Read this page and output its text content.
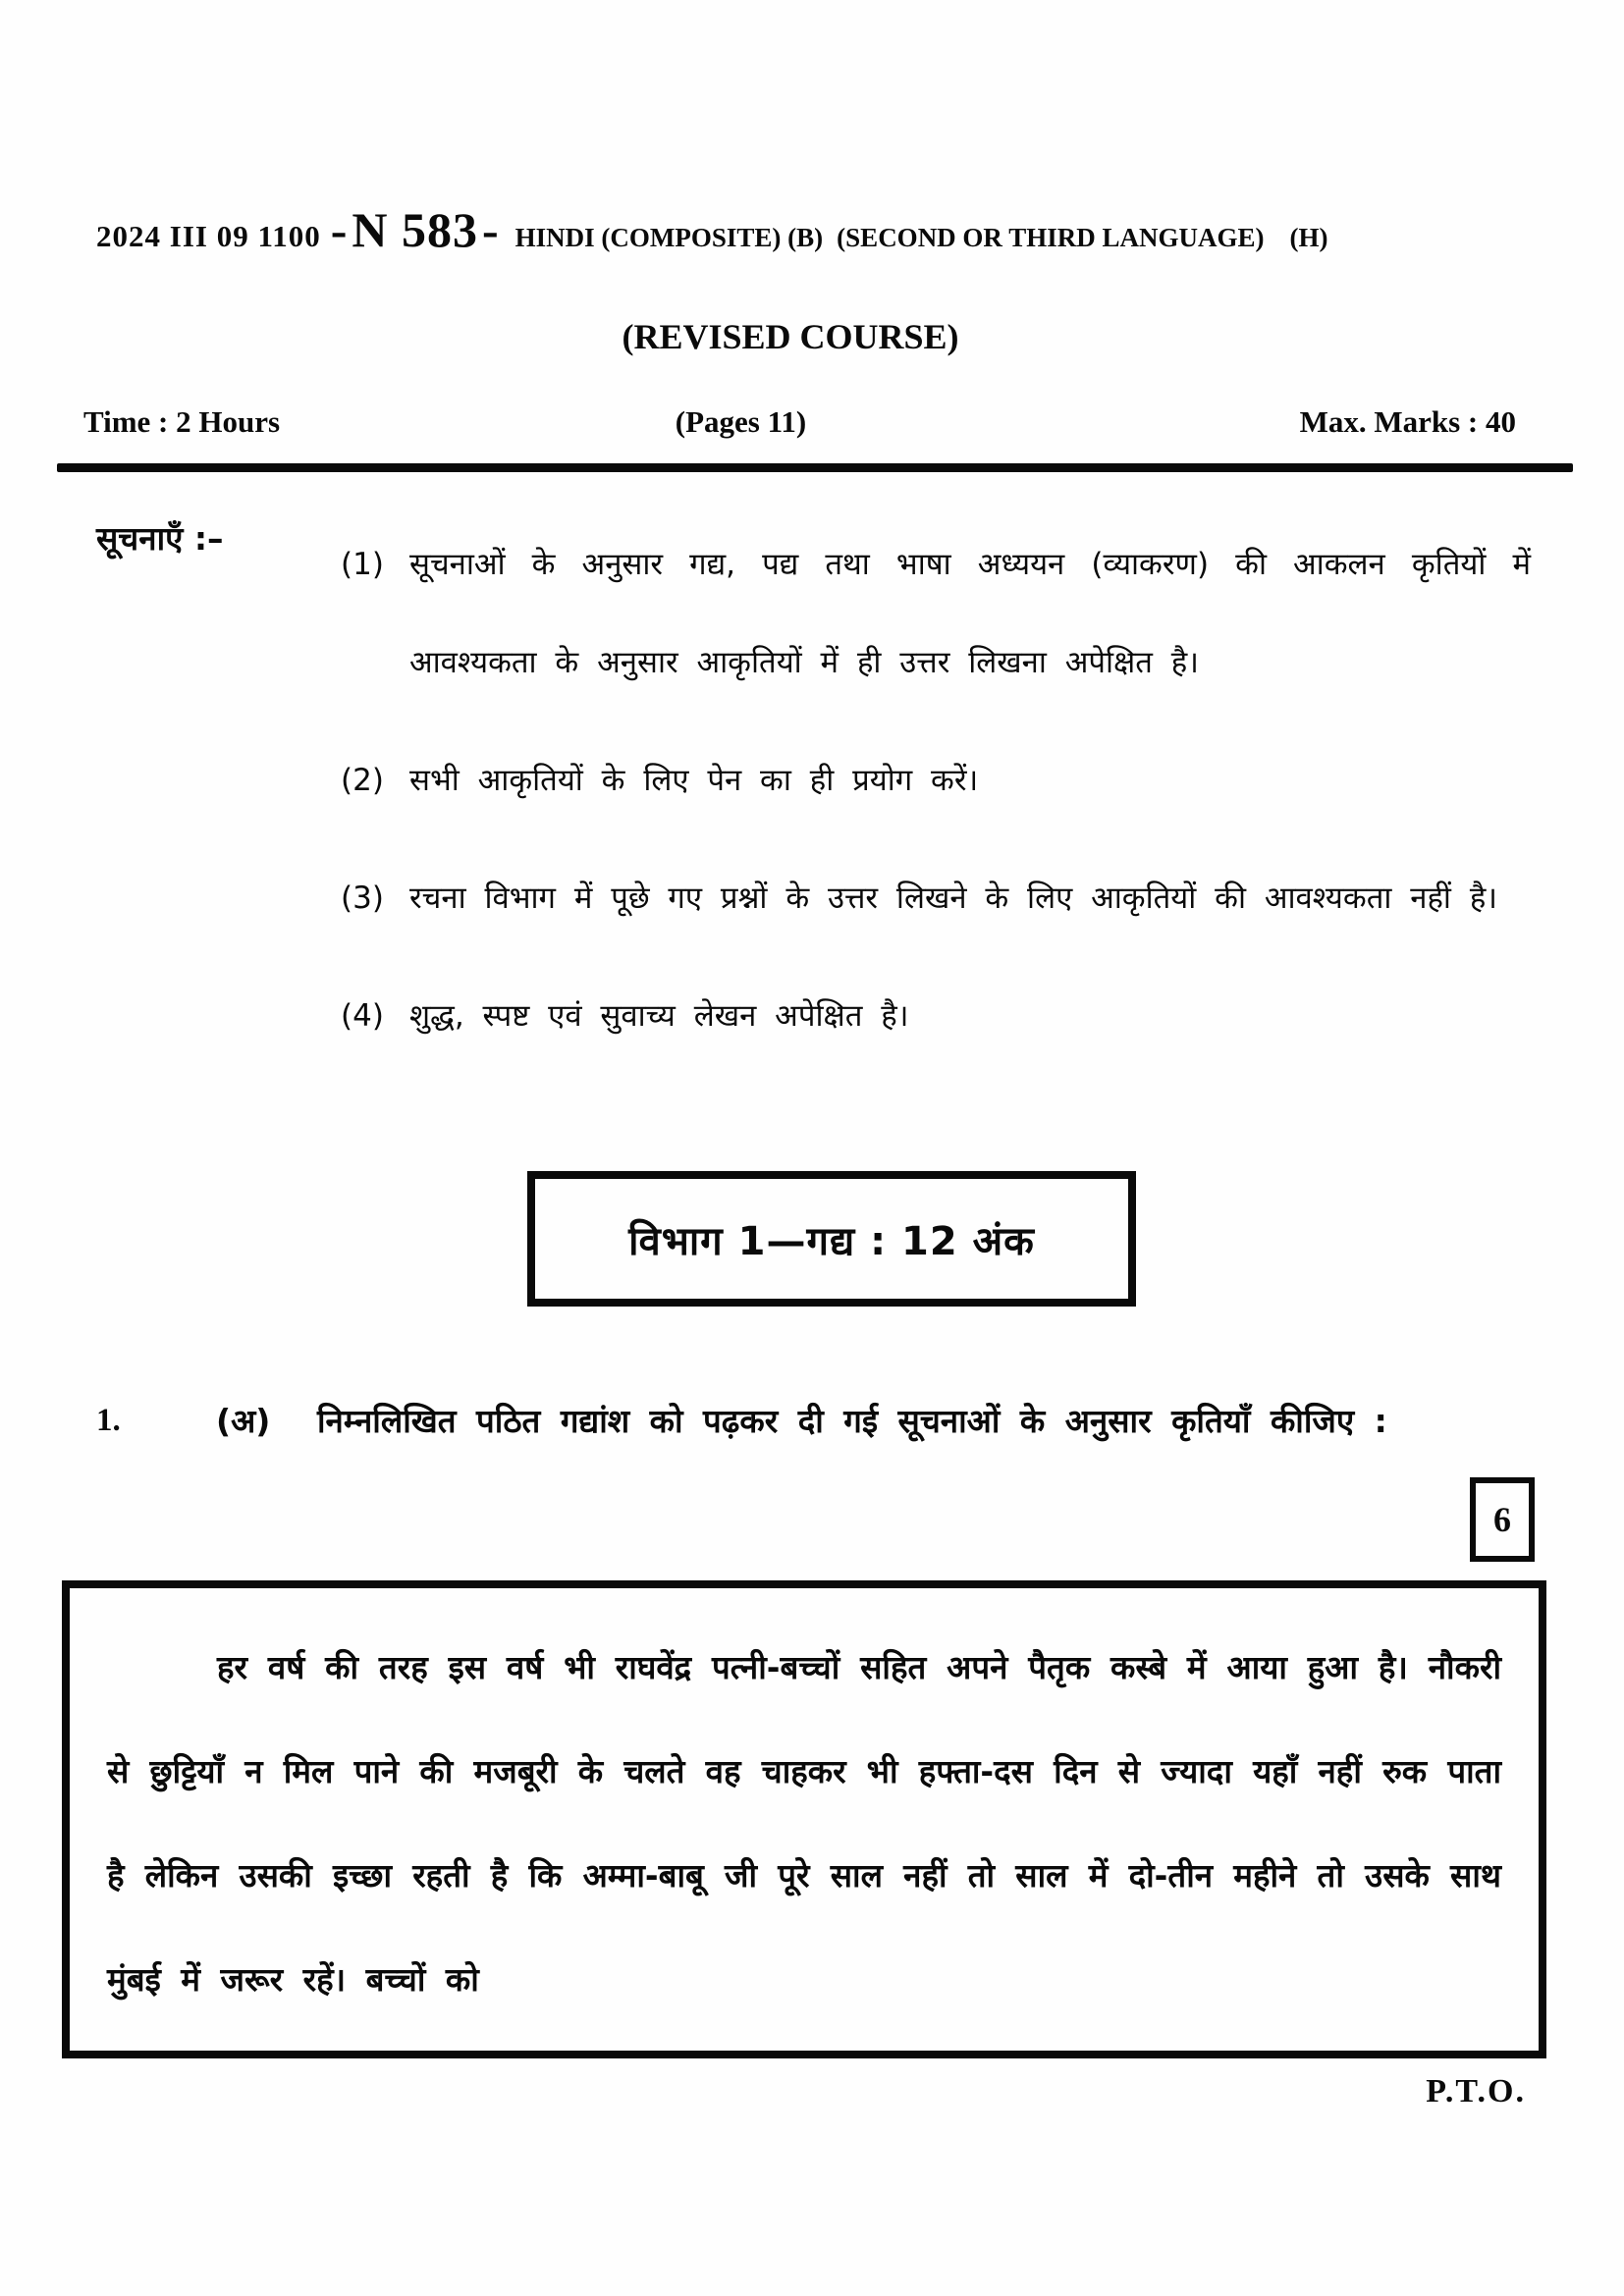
2024 III 09 1100 - N 583 - HINDI (COMPOSITE) (B) (SECOND OR THIRD LANGUAGE) (H)
(REVISED COURSE)
Time : 2 Hours	(Pages 11)	Max. Marks : 40
सूचनाएँ :–
(1) सूचनाओं के अनुसार गद्य, पद्य तथा भाषा अध्ययन (व्याकरण) की आकलन कृतियों में आवश्यकता के अनुसार आकृतियों में ही उत्तर लिखना अपेक्षित है।
(2) सभी आकृतियों के लिए पेन का ही प्रयोग करें।
(3) रचना विभाग में पूछे गए प्रश्नों के उत्तर लिखने के लिए आकृतियों की आवश्यकता नहीं है।
(4) शुद्ध, स्पष्ट एवं सुवाच्य लेखन अपेक्षित है।
विभाग 1—गद्य : 12 अंक
1.	(अ) निम्नलिखित पठित गद्यांश को पढ़कर दी गई सूचनाओं के अनुसार कृतियाँ कीजिए :
6
हर वर्ष की तरह इस वर्ष भी राघवेंद्र पत्नी-बच्चों सहित अपने पैतृक कस्बे में आया हुआ है। नौकरी से छुट्टियाँ न मिल पाने की मजबूरी के चलते वह चाहकर भी हफ्ता-दस दिन से ज्यादा यहाँ नहीं रुक पाता है लेकिन उसकी इच्छा रहती है कि अम्मा-बाबू जी पूरे साल नहीं तो साल में दो-तीन महीने तो उसके साथ मुंबई में जरूर रहें। बच्चों को
P.T.O.
